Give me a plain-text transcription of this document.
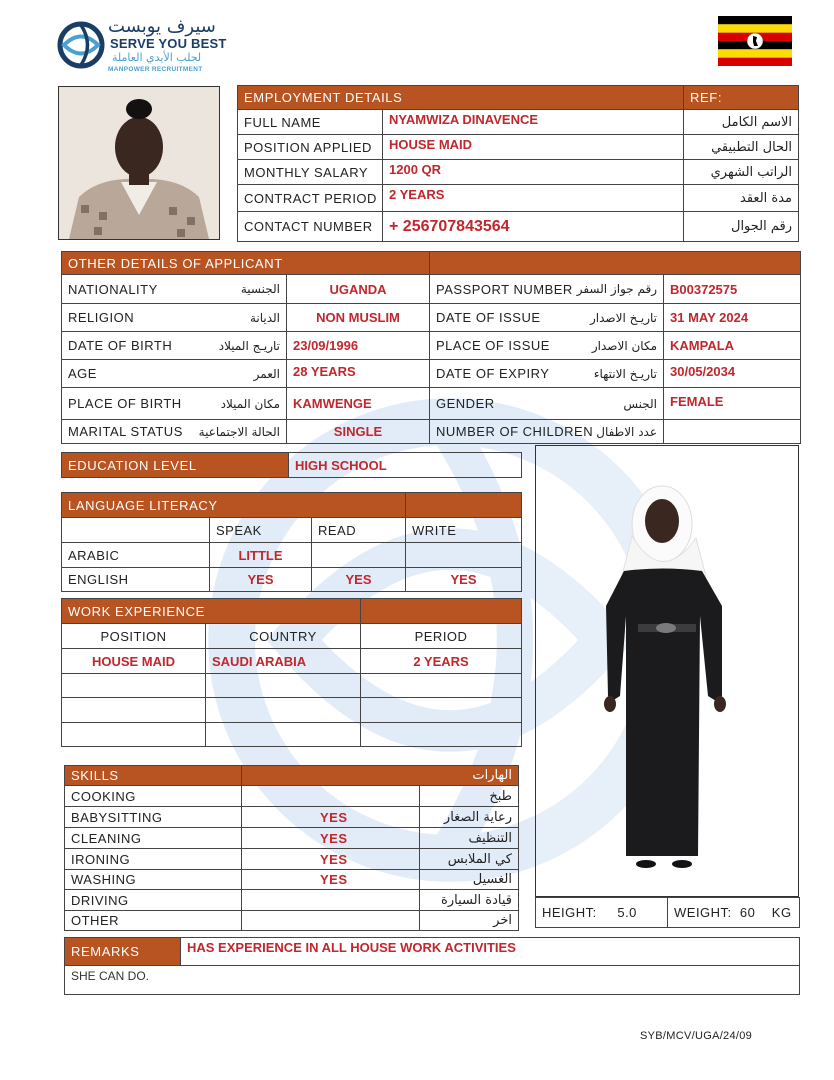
سيرف يوبست
SERVE YOU BEST
لجلب الأيدي العاملة
MANPOWER RECRUITMENT
EMPLOYMENT DETAILS		REF:
FULL NAME	NYAMWIZA DINAVENCE	الاسم الكامل
POSITION APPLIED	HOUSE MAID	الحال التطبيقي
MONTHLY SALARY	1200 QR	الراتب الشهري
CONTRACT PERIOD	2 YEARS	مدة العقد
CONTACT NUMBER	+ 256707843564	رقم الجوال
OTHER DETAILS OF APPLICANT			

NATIONALITY الجنسية	UGANDA	PASSPORT NUMBER رقم جواز السفر	B00372575

RELIGION الديانة	NON MUSLIM	DATE OF ISSUE تاريـخ الاصدار	31 MAY 2024

DATE OF BIRTH تاريـج الميلاد	23/09/1996	PLACE OF ISSUE مكان الاصدار	KAMPALA

AGE العمر	28 YEARS	DATE OF EXPIRY تاريـخ الانتهاء	30/05/2034

PLACE OF BIRTH مكان الميلاد	KAMWENGE	GENDER الجنس	FEMALE

MARITAL STATUS الحالة الاجتماعية	SINGLE	NUMBER OF CHILDREN عدد الاطفال	

EDUCATION LEVEL	HIGH SCHOOL
LANGUAGE LITERACY			
	SPEAK	READ	WRITE
ARABIC	LITTLE		
ENGLISH	YES	YES	YES
WORK EXPERIENCE		
POSITION	COUNTRY	PERIOD
HOUSE MAID	SAUDI ARABIA	2 YEARS

SKILLS	الهارات	
COOKING		طبخ
BABYSITTING	YES	رعاية الصغار
CLEANING	YES	التنظيف
IRONING	YES	كي الملابس
WASHING	YES	الغسيل
DRIVING		قيادة السيارة
OTHER		اخر
HEIGHT:     5.0	WEIGHT:  60    KG
REMARKS	HAS EXPERIENCE IN ALL HOUSE WORK ACTIVITIES
SHE CAN DO.
SYB/MCV/UGA/24/09
